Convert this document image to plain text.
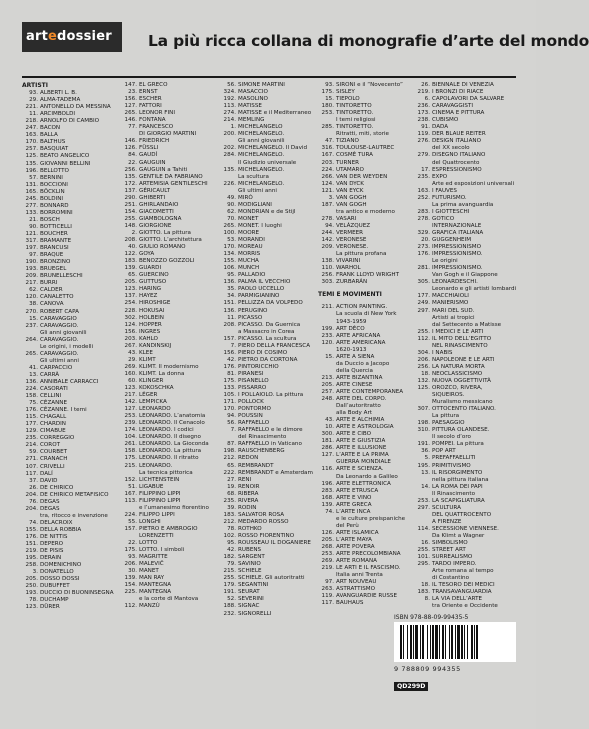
artedossier La più ricca collana di monografie d’arte del mondo
ARTISTI
93. ALBERTI L. B.
29. ALMA-TADEMA
221. ANTONELLO DA MESSINA
11. ARCIMBOLDI
218. ARNOLFO DI CAMBIO
247. BACON
163. BALLA
170. BALTHUS
257. BASQUIAT
125. BEATO ANGELICO
135. GIOVANNI BELLINI
196. BELLOTTO
57. BERNINI
131. BOCCIONI
165. BÖCKLIN
245. BOLDINI
277. BONNARD
133. BORROMINI
21. BOSCH
90. BOTTICELLI
121. BOUCHER
317. BRAMANTE
197. BRANCUSI
97. BRAQUE
190. BRONZINO
193. BRUEGEL
209. BRUNELLESCHI
217. BURRI
62. CALDER
120. CANALETTO
38. CANOVA
270. ROBERT CAPA
15. CARAVAGGIO
237. CARAVAGGIO.
Gli anni giovanili
264. CARAVAGGIO.
Le origini, i modelli
265. CARAVAGGIO.
Gli ultimi anni
41. CARPACCIO
13. CARRÀ
136. ANNIBALE CARRACCI
224. CASORATI
158. CELLINI
75. CÉZANNE
176. CÉZANNE. I temi
115. CHAGALL
177. CHARDIN
129. CIMABUE
235. CORREGGIO
214. COROT
59. COURBET
271. CRANACH
107. CRIVELLI
117. DALÍ
37. DAVID
26. DE CHIRICO
204. DE CHIRICO METAFISICO
76. DEGAS
204. DEGAS
tra, ritocco e invenzione
74. DELACROIX
155. DELLA ROBBIA
176. DE NITTIS
151. DEPERO
219. DE PISIS
195. DERAIN
258. DOMENICHINO
3. DONATELLO
205. DOSSO DOSSI
250. DUBUFFET
193. DUCCIO DI BUONINSEGNA
78. DUCHAMP
123. DÜRER
147. EL GRECO
23. ERNST
156. ESCHER
127. FATTORI
265. LEONOR FINI
146. FONTANA
77. FRANCESCO
DI GIORGIO MARTINI
146. FRIEDRICH
126. FÜSSLI
84. GAUDÍ
22. GAUGUIN
256. GAUGUIN a Tahiti
135. GENTILE DA FABRIANO
172. ARTEMISIA GENTILESCHI
137. GÉRICAULT
290. GHIBERTI
251. GHIRLANDAIO
154. GIACOMETTI
255. GIAMBOLOGNA
148. GIORGIONE
2. GIOTTO. La pittura
208. GIOTTO. L’architettura
40. GIULIO ROMANO
122. GOYA
183. BENOZZO GOZZOLI
139. GUARDI
65. GUERCINO
205. GUTTUSO
123. HARING
137. HAYEZ
254. HIROSHIGE
228. HOKUSAI
302. HOLBEIN
124. HOPPER
156. INGRES
203. KAHLO
267. KANDINSKIJ
43. KLEE
29. KLIMT
269. KLIMT. Il modernismo
160. KLIMT. La donna
60. KLINGER
123. KOKOSCHKA
217. LÉGER
142. LEMPICKA
127. LEONARDO
253. LEONARDO. L’anatomia
239. LEONARDO. Il Cenacolo
174. LEONARDO. I codici
104. LEONARDO. Il disegno
261. LEONARDO. La Gioconda
158. LEONARDO. La pittura
175. LEONARDO. Il ritratto
215. LEONARDO.
La tecnica pittorica
152. LICHTENSTEIN
51. LIGABUE
167. FILIPPINO LIPPI
113. FILIPPINO LIPPI
e l’umanesimo fiorentino
224. FILIPPO LIPPI
55. LONGHI
157. PIETRO E AMBROGIO
LORENZETTI
22. LOTTO
175. LOTTO. I simboli
93. MAGRITTE
206. MALEVIČ
30. MANET
139. MAN RAY
154. MANTEGNA
225. MANTEGNA
e la corte di Mantova
112. MANZÙ
56. SIMONE MARTINI
324. MASACCIO
192. MASOLINO
113. MATISSE
274. MATISSE e il Mediterraneo
214. MEMLING
1. MICHELANGELO
200. MICHELANGELO.
Gli anni giovanili
202. MICHELANGELO. Il David
284. MICHELANGELO.
Il Giudizio universale
135. MICHELANGELO.
La scultura
226. MICHELANGELO.
Gli ultimi anni
49. MIRÓ
90. MODIGLIANI
62. MONDRIAN e de Stijl
70. MONET
265. MONET. I luoghi
100. MOORE
53. MORANDI
170. MOREAU
134. MORRIS
155. MUCHA
106. MUNCH
95. PALLADIO
136. PALMA IL VECCHIO
35. PAOLO UCCELLO
34. PARMIGIANINO
151. PELLIZZA DA VOLPEDO
136. PERUGINO
11. PICASSO
208. PICASSO. Da Guernica
a Massacro in Corea
157. PICASSO. La scultura
7. PIERO DELLA FRANCESCA
156. PIERO DI COSIMO
42. PIETRO DA CORTONA
176. PINTORICCHIO
81. PIRANESI
175. PISANELLO
133. PISSARRO
105. I POLLAIOLO. La pittura
171. POLLOCK
170. PONTORMO
94. POUSSIN
56. RAFFAELLO
7. RAFFAELLO e le dimore
del Rinascimento
87. RAFFAELLO in Vaticano
198. RAUSCHENBERG
212. REDON
65. REMBRANDT
222. REMBRANDT e Amsterdam
27. RENI
19. RENOIR
68. RIBERA
235. RIVERA
39. RODIN
183. SALVATOR ROSA
212. MEDARDO ROSSO
78. ROTHKO
102. ROSSO FIORENTINO
95. ROUSSEAU IL DOGANIERE
42. RUBENS
182. SARGENT
79. SAVINIO
215. SCHIELE
255. SCHIELE. Gli autoritratti
179. SEGANTINI
191. SEURAT
52. SEVERINI
188. SIGNAC
232. SIGNORELLI
93. SIRONI e il “Novecento”
175. SISLEY
15. TIEPOLO
180. TINTORETTO
253. TINTORETTO.
I temi religiosi
285. TINTORETTO.
Ritratti, miti, storie
47. TIZIANO
316. TOULOUSE-LAUTREC
167. COSMÈ TURA
203. TURNER
224. UTAMARO
266. VAN DER WEYDEN
124. VAN DYCK
121. VAN EYCK
3. VAN GOGH
187. VAN GOGH
tra antico e moderno
278. VASARI
94. VELÁZQUEZ
244. VERMEER
142. VERONESE
209. VERONESE.
La pittura profana
138. VIVARINI
110. WARHOL
256. FRANK LLOYD WRIGHT
303. ZURBARÁN
TEMI E MOVIMENTI
211. ACTION PAINTING.
La scuola di New York
1943-1959
199. ART DÉCO
233. ARTE AFRICANA
120. ARTE AMERICANA
1620-1913
15. ARTE A SIENA
da Duccio a Jacopo
della Quercia
213. ARTE BIZANTINA
205. ARTE CINESE
257. ARTE CONTEMPORANEA
248. ARTE DEL CORPO.
Dall’autoritratto
alla Body Art
43. ARTE E ALCHIMIA
10. ARTE E ASTROLOGIA
300. ARTE E CIBO
181. ARTE E GIUSTIZIA
286. ARTE E ILLUSIONE
127. L’ARTE E LA PRIMA
GUERRA MONDIALE
116. ARTE E SCIENZA.
Da Leonardo a Galileo
196. ARTE ELETTRONICA
283. ARTE ETRUSCA
168. ARTE E VINO
139. ARTE GRECA
74. L’ARTE INCA
e le culture preispaniche
del Perù
126. ARTE ISLAMICA
205. L’ARTE MAYA
268. ARTE POVERA
253. ARTE PRECOLOMBIANA
269. ARTE ROMANA
219. LE ARTI E IL FASCISMO.
Italia anni Trenta
97. ART NOUVEAU
263. ASTRATTISMO
119. AVANGUARDIE RUSSE
117. BAUHAUS
26. BIENNALE DI VENEZIA
219. I BRONZI DI RIACE
6. CAPOLAVORI DA SALVARE
236. CARAVAGGISTI
173. CINEMA E PITTURA
238. CUBISMO
91. DADA
119. DER BLAUE REITER
276. DESIGN ITALIANO
del XX secolo
279. DISEGNO ITALIANO
del Quattrocento
17. ESPRESSIONISMO
235. EXPO
Arte ed esposizioni universali
163. I FAUVES
252. FUTURISMO.
La prima avanguardia
283. I GIOTTESCHI
278. GOTICO
INTERNAZIONALE
329. GRAFICA ITALIANA
20. GUGGENHEIM
273. IMPRESSIONISMO
176. IMPRESSIONISMO.
Le origini
281. IMPRESSIONISMO.
Van Gogh e il Giappone
305. LEONARDESCHI.
Leonardo e gli artisti lombardi
177. MACCHIAIOLI
249. MANIERISMO
297. MARI DEL SUD.
Artisti ai tropici
dal Settecento a Matisse
255. I MEDICI E LE ARTI
112. IL MITO DELL’EGITTO
NEL RINASCIMENTO
304. I NABIS
206. NAPOLEONE E LE ARTI
256. LA NATURA MORTA
18. NEOCLASSICISMO
132. NUOVA OGGETTIVITÀ
125. OROZCO, RIVERA,
SIQUEIROS.
Muralismo messicano
307. OTTOCENTO ITALIANO.
La pittura
198. PAESAGGIO
310. PITTURA OLANDESE.
Il secolo d’oro
191. POMPEI. La pittura
36. POP ART
5. PREFAFFAELLITI
195. PRIMITIVISMO
13. IL RISORGIMENTO
nella pittura italiana
14. LA ROMA DEI PAPI
Il Rinascimento
253. LA SCAPIGLIATURA
297. SCULTURA
DEL QUATTROCENTO
A FIRENZE
114. SECESSIONE VIENNESE.
Da Klimt a Wagner
16. SIMBOLISMO
255. STREET ART
101. SURREALISMO
295. TARDO IMPERO.
Arte romana al tempo
di Costantino
18. IL TESORO DEI MEDICI
183. TRANSAVANGUARDIA
8. LA VIA DELL’ARTE
tra Oriente e Occidente
ISBN 978-88-09-99435-5
9 788809 994355
QD299D
